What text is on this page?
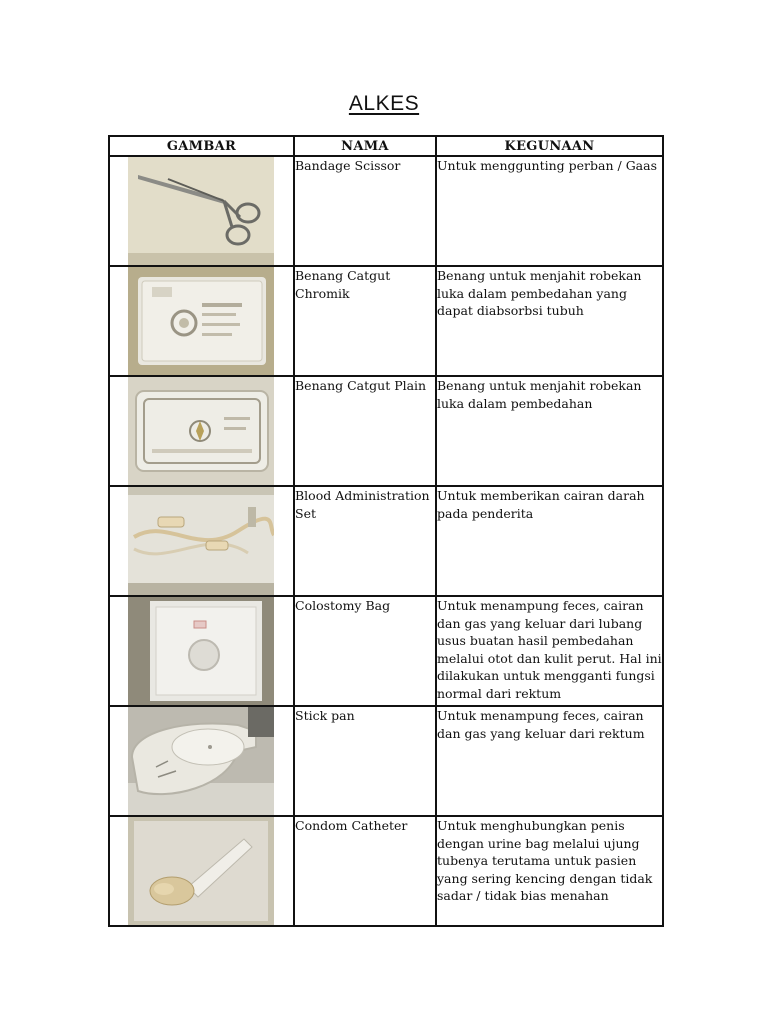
ALKES
GAMBAR	NAMA	KEGUNAAN

	Bandage Scissor	Untuk menggunting perban / Gaas

	Benang Catgut Chromik	Benang untuk menjahit robekan luka dalam pembedahan yang dapat diabsorbsi tubuh

	Benang Catgut Plain	Benang untuk menjahit robekan luka dalam pembedahan

	Blood Administration Set	Untuk memberikan cairan darah pada penderita

	Colostomy Bag	Untuk menampung feces, cairan dan gas yang keluar dari lubang usus buatan hasil pembedahan melalui otot dan kulit perut. Hal ini dilakukan untuk mengganti fungsi normal dari rektum

	Stick pan	Untuk menampung feces, cairan dan gas yang keluar dari rektum

	Condom Catheter	Untuk menghubungkan penis dengan urine bag melalui ujung tubenya terutama untuk pasien yang sering kencing dengan tidak sadar / tidak bias menahan
